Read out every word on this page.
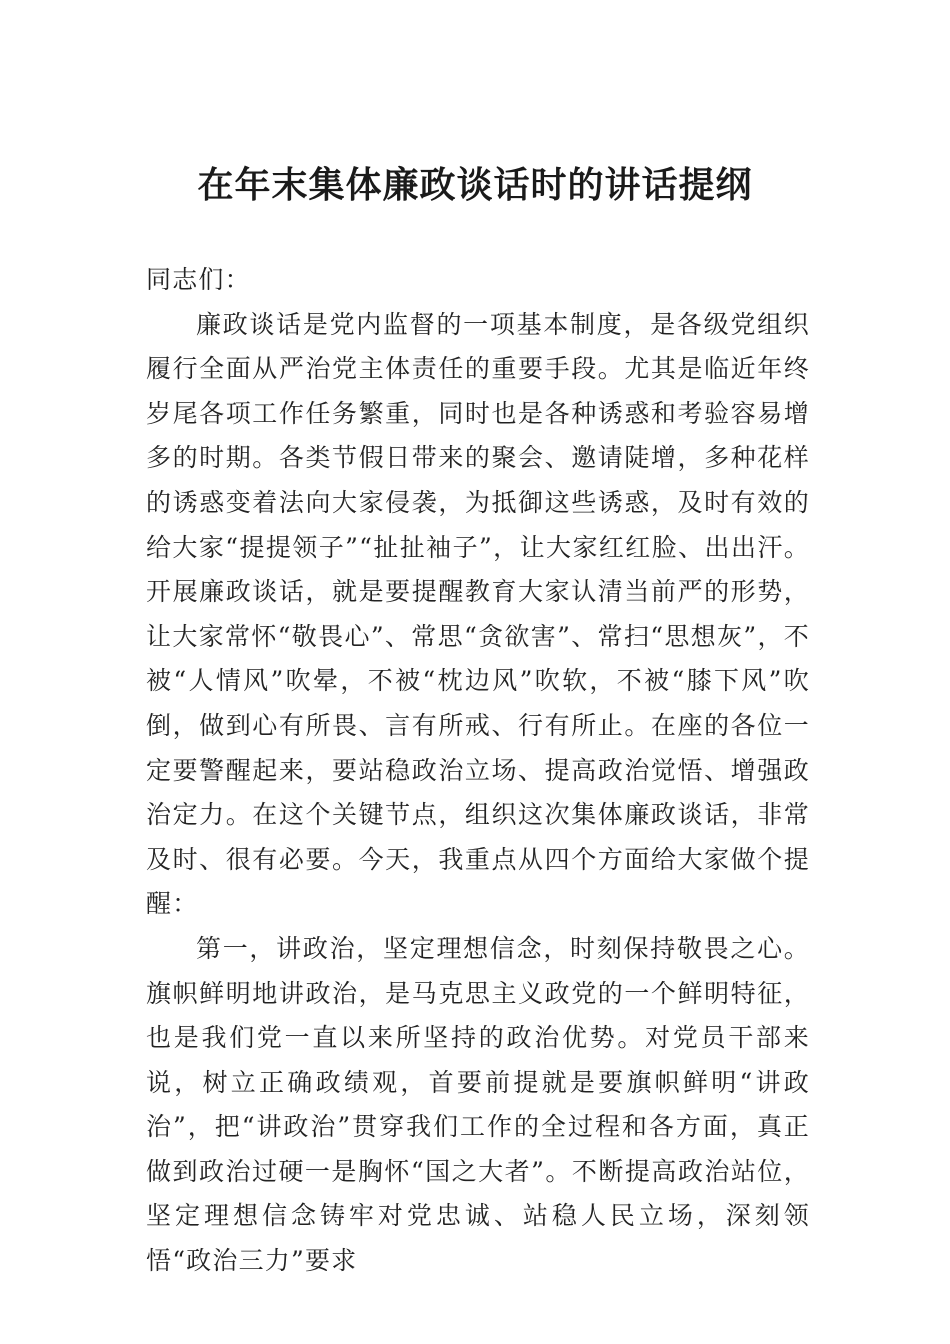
在年末集体廉政谈话时的讲话提纲

同志们：

廉政谈话是党内监督的一项基本制度，是各级党组织履行全面从严治党主体责任的重要手段。尤其是临近年终岁尾各项工作任务繁重，同时也是各种诱惑和考验容易增多的时期。各类节假日带来的聚会、邀请陡增，多种花样的诱惑变着法向大家侵袭，为抵御这些诱惑，及时有效的给大家“提提领子”“扯扯袖子”，让大家红红脸、出出汗。开展廉政谈话，就是要提醒教育大家认清当前严的形势，让大家常怀“敬畏心”、常思“贪欲害”、常扫“思想灰”，不被“人情风”吹晕，不被“枕边风”吹软，不被“膝下风”吹倒，做到心有所畏、言有所戒、行有所止。在座的各位一定要警醒起来，要站稳政治立场、提高政治觉悟、增强政治定力。在这个关键节点，组织这次集体廉政谈话，非常及时、很有必要。今天，我重点从四个方面给大家做个提醒：

第一，讲政治，坚定理想信念，时刻保持敬畏之心。旗帜鲜明地讲政治，是马克思主义政党的一个鲜明特征，也是我们党一直以来所坚持的政治优势。对党员干部来说，树立正确政绩观，首要前提就是要旗帜鲜明“讲政治”，把“讲政治”贯穿我们工作的全过程和各方面，真正做到政治过硬一是胸怀“国之大者”。不断提高政治站位，坚定理想信念铸牢对党忠诚、站稳人民立场，深刻领悟“政治三力”要求
